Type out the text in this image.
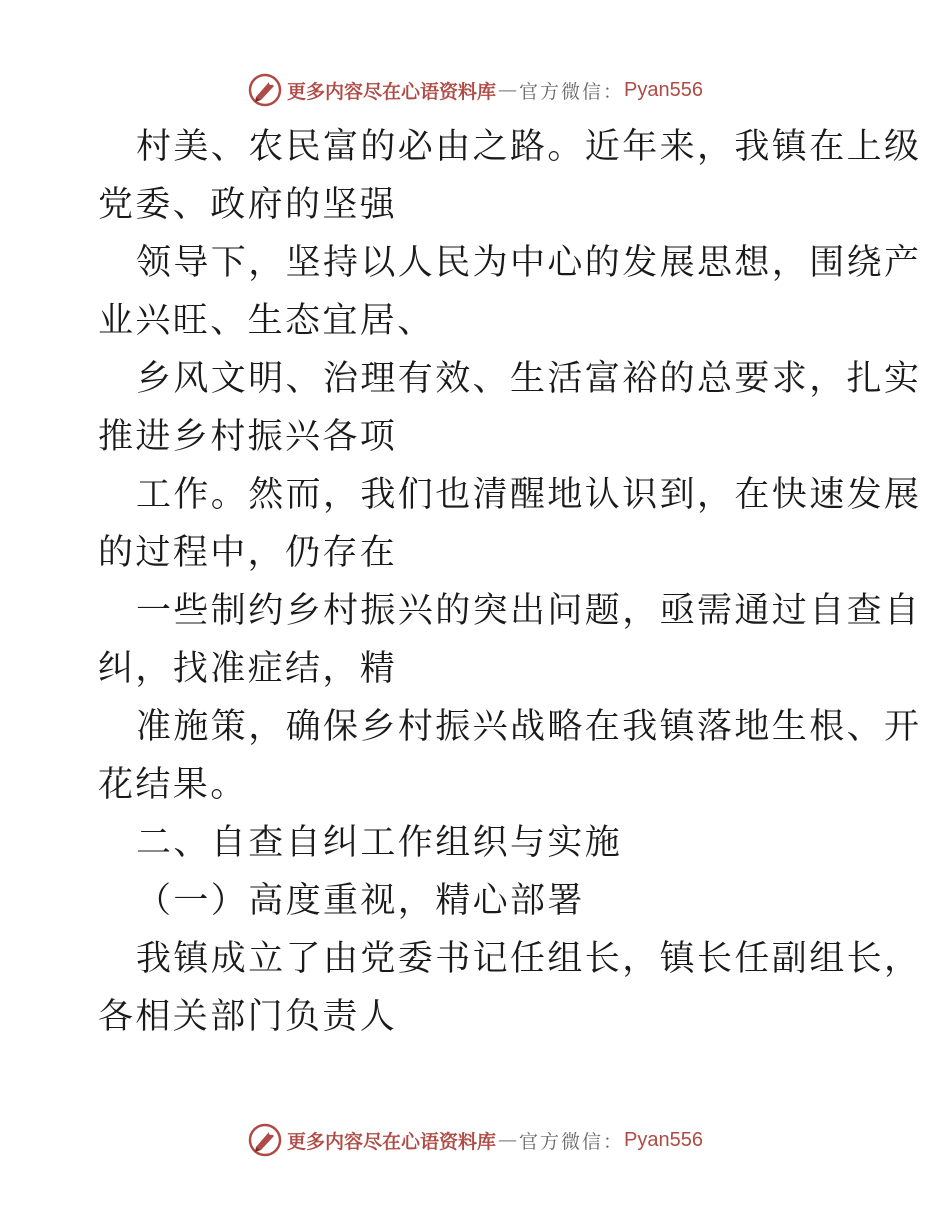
更多内容尽在心语资料库 — 官方微信： Pyan556
村美、农民富的必由之路。近年来，我镇在上级
党委、政府的坚强
领导下，坚持以人民为中心的发展思想，围绕产
业兴旺、生态宜居、
乡风文明、治理有效、生活富裕的总要求，扎实
推进乡村振兴各项
工作。然而，我们也清醒地认识到，在快速发展
的过程中，仍存在
一些制约乡村振兴的突出问题，亟需通过自查自
纠，找准症结，精
准施策，确保乡村振兴战略在我镇落地生根、开
花结果。
二、自查自纠工作组织与实施
（一）高度重视，精心部署
我镇成立了由党委书记任组长，镇长任副组长，
各相关部门负责人
更多内容尽在心语资料库 — 官方微信： Pyan556
